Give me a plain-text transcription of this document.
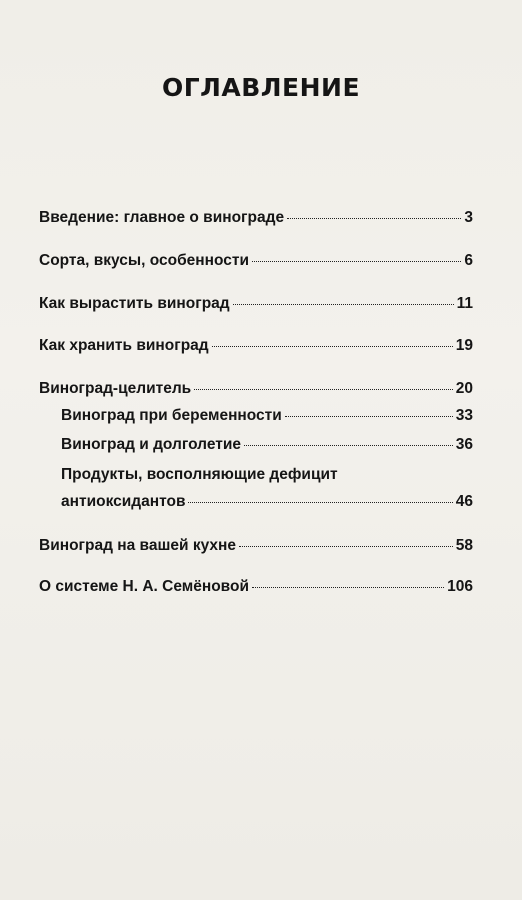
ОГЛАВЛЕНИЕ
Введение: главное о винограде	3
Сорта, вкусы, особенности	6
Как вырастить виноград	11
Как хранить виноград	19
Виноград-целитель	20
Виноград при беременности	33
Виноград и долголетие	36
Продукты, восполняющие дефицит
антиоксидантов	46
Виноград на вашей кухне	58
О системе Н. А. Семёновой	106
